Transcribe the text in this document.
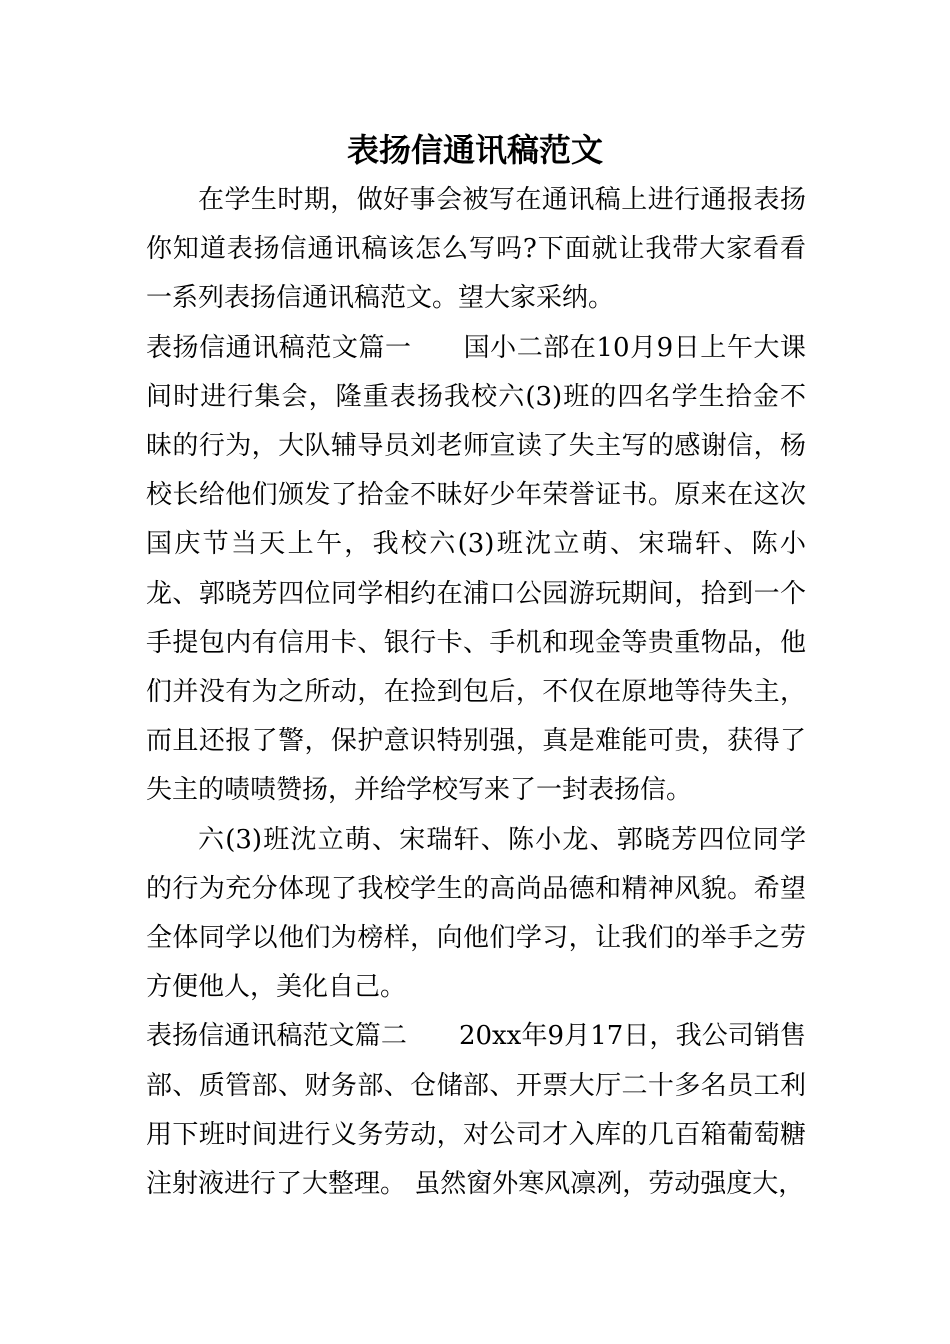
表扬信通讯稿范文

在学生时期，做好事会被写在通讯稿上进行通报表扬你知道表扬信通讯稿该怎么写吗?下面就让我带大家看看一系列表扬信通讯稿范文。望大家采纳。

表扬信通讯稿范文篇一 国小二部在10月9日上午大课间时进行集会，隆重表扬我校六(3)班的四名学生拾金不昧的行为，大队辅导员刘老师宣读了失主写的感谢信，杨校长给他们颁发了拾金不昧好少年荣誉证书。原来在这次国庆节当天上午，我校六(3)班沈立萌、宋瑞轩、陈小龙、郭晓芳四位同学相约在浦口公园游玩期间，拾到一个手提包内有信用卡、银行卡、手机和现金等贵重物品，他们并没有为之所动，在捡到包后，不仅在原地等待失主，而且还报了警，保护意识特别强，真是难能可贵，获得了失主的啧啧赞扬，并给学校写来了一封表扬信。

六(3)班沈立萌、宋瑞轩、陈小龙、郭晓芳四位同学的行为充分体现了我校学生的高尚品德和精神风貌。希望全体同学以他们为榜样，向他们学习，让我们的举手之劳方便他人，美化自己。

表扬信通讯稿范文篇二 20xx年9月17日，我公司销售部、质管部、财务部、仓储部、开票大厅二十多名员工利用下班时间进行义务劳动，对公司才入库的几百箱葡萄糖注射液进行了大整理。 虽然窗外寒风凛冽，劳动强度大，
